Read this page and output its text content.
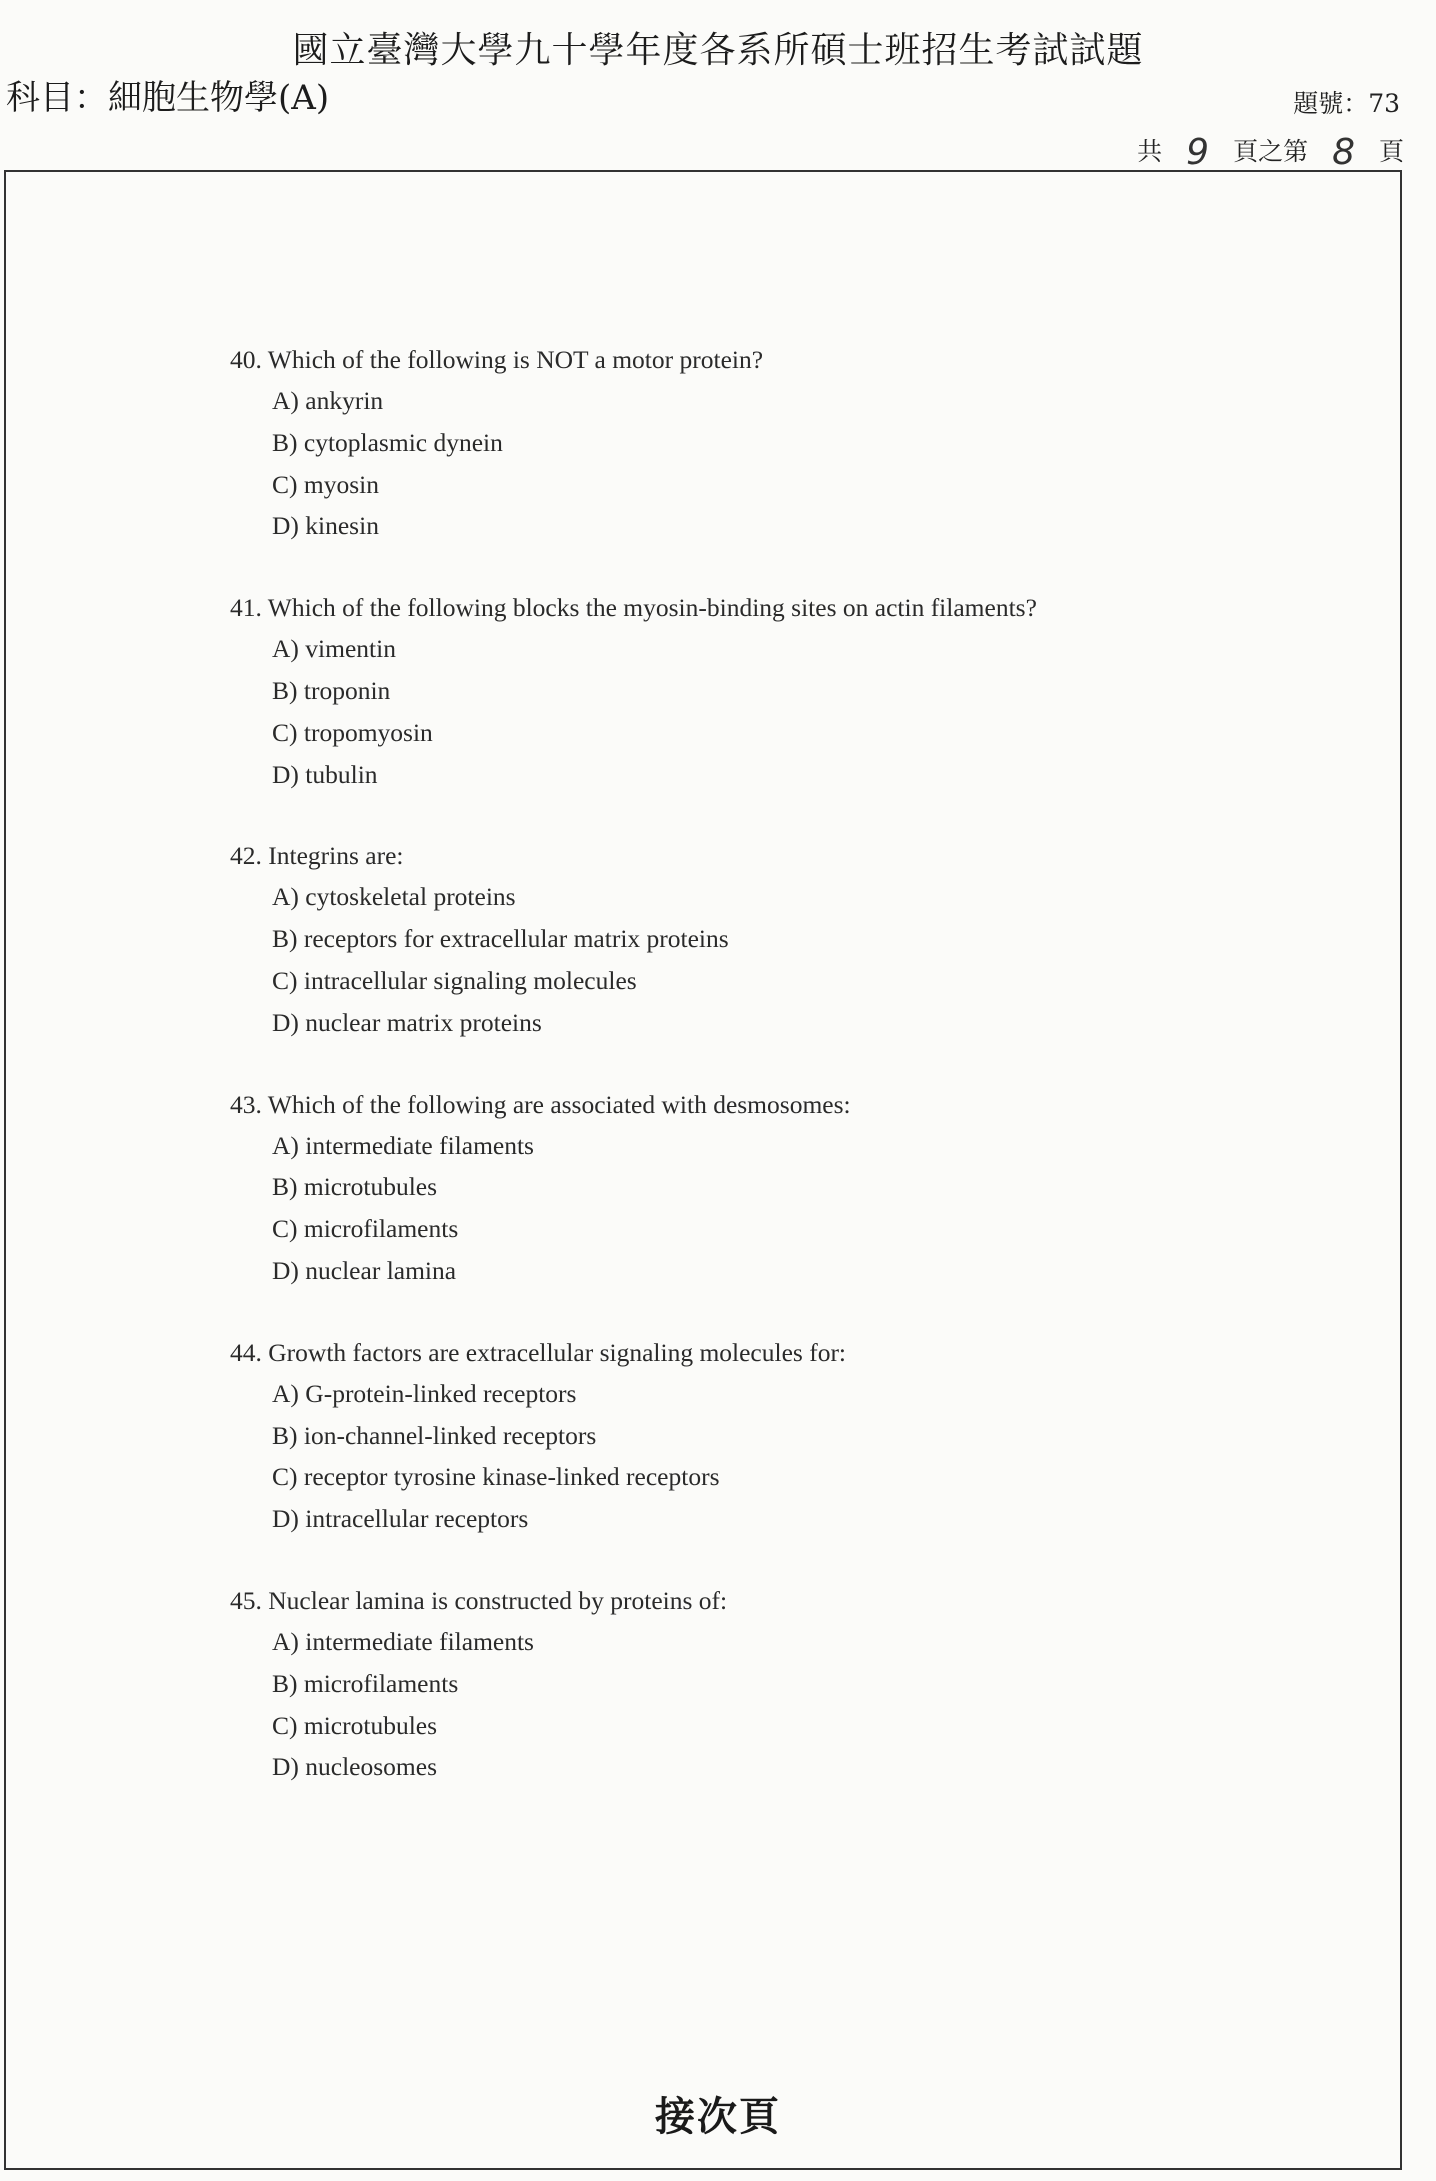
國立臺灣大學九十學年度各系所碩士班招生考試試題
科目：細胞生物學(A)	題號：73
共 9 頁之第 8 頁
40. Which of the following is NOT a motor protein?
A) ankyrin
B) cytoplasmic dynein
C) myosin
D) kinesin
41. Which of the following blocks the myosin-binding sites on actin filaments?
A) vimentin
B) troponin
C) tropomyosin
D) tubulin
42. Integrins are:
A) cytoskeletal proteins
B) receptors for extracellular matrix proteins
C) intracellular signaling molecules
D) nuclear matrix proteins
43. Which of the following are associated with desmosomes:
A) intermediate filaments
B) microtubules
C) microfilaments
D) nuclear lamina
44. Growth factors are extracellular signaling molecules for:
A) G-protein-linked receptors
B) ion-channel-linked receptors
C) receptor tyrosine kinase-linked receptors
D) intracellular receptors
45. Nuclear lamina is constructed by proteins of:
A) intermediate filaments
B) microfilaments
C) microtubules
D) nucleosomes
接次頁
